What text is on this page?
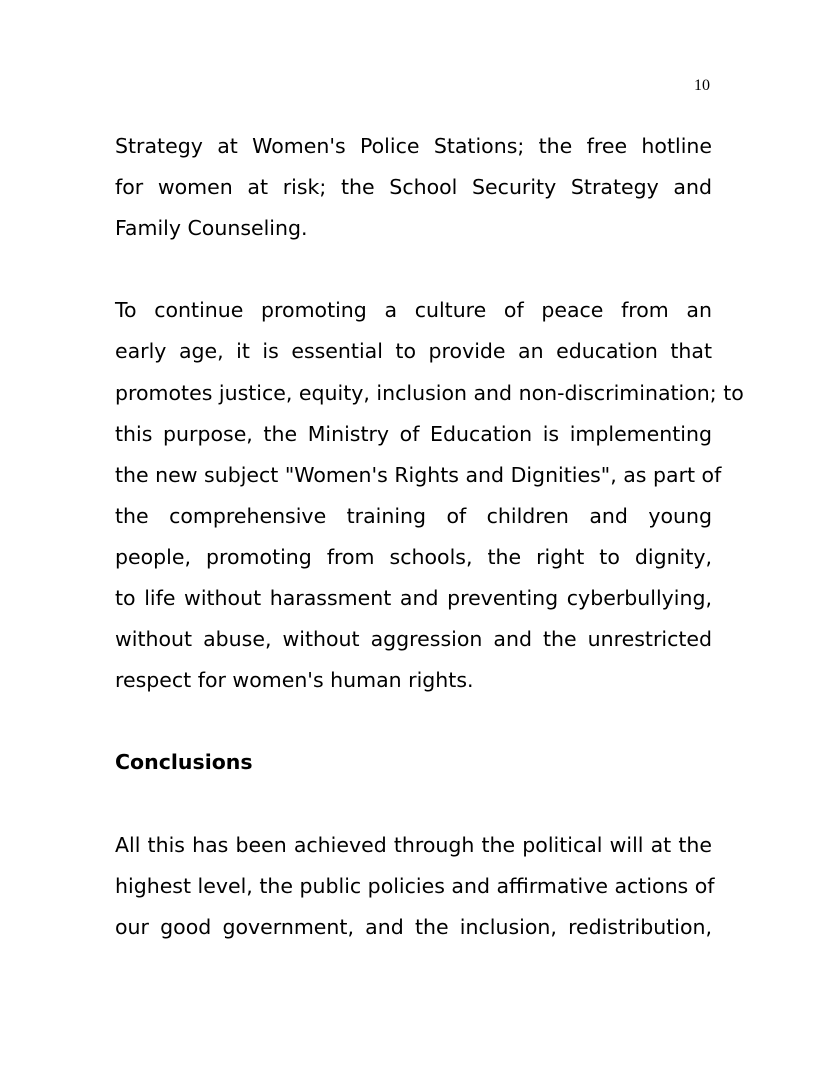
10
Strategy at Women's Police Stations; the free hotline
for women at risk; the School Security Strategy and
Family Counseling.
To continue promoting a culture of peace from an
early age, it is essential to provide an education that
promotes justice, equity, inclusion and non-discrimination; to
this purpose, the Ministry of Education is implementing
the new subject "Women's Rights and Dignities", as part of
the comprehensive training of children and young
people, promoting from schools, the right to dignity,
to life without harassment and preventing cyberbullying,
without abuse, without aggression and the unrestricted
respect for women's human rights.
Conclusions
All this has been achieved through the political will at the
highest level, the public policies and affirmative actions of
our good government, and the inclusion, redistribution,
